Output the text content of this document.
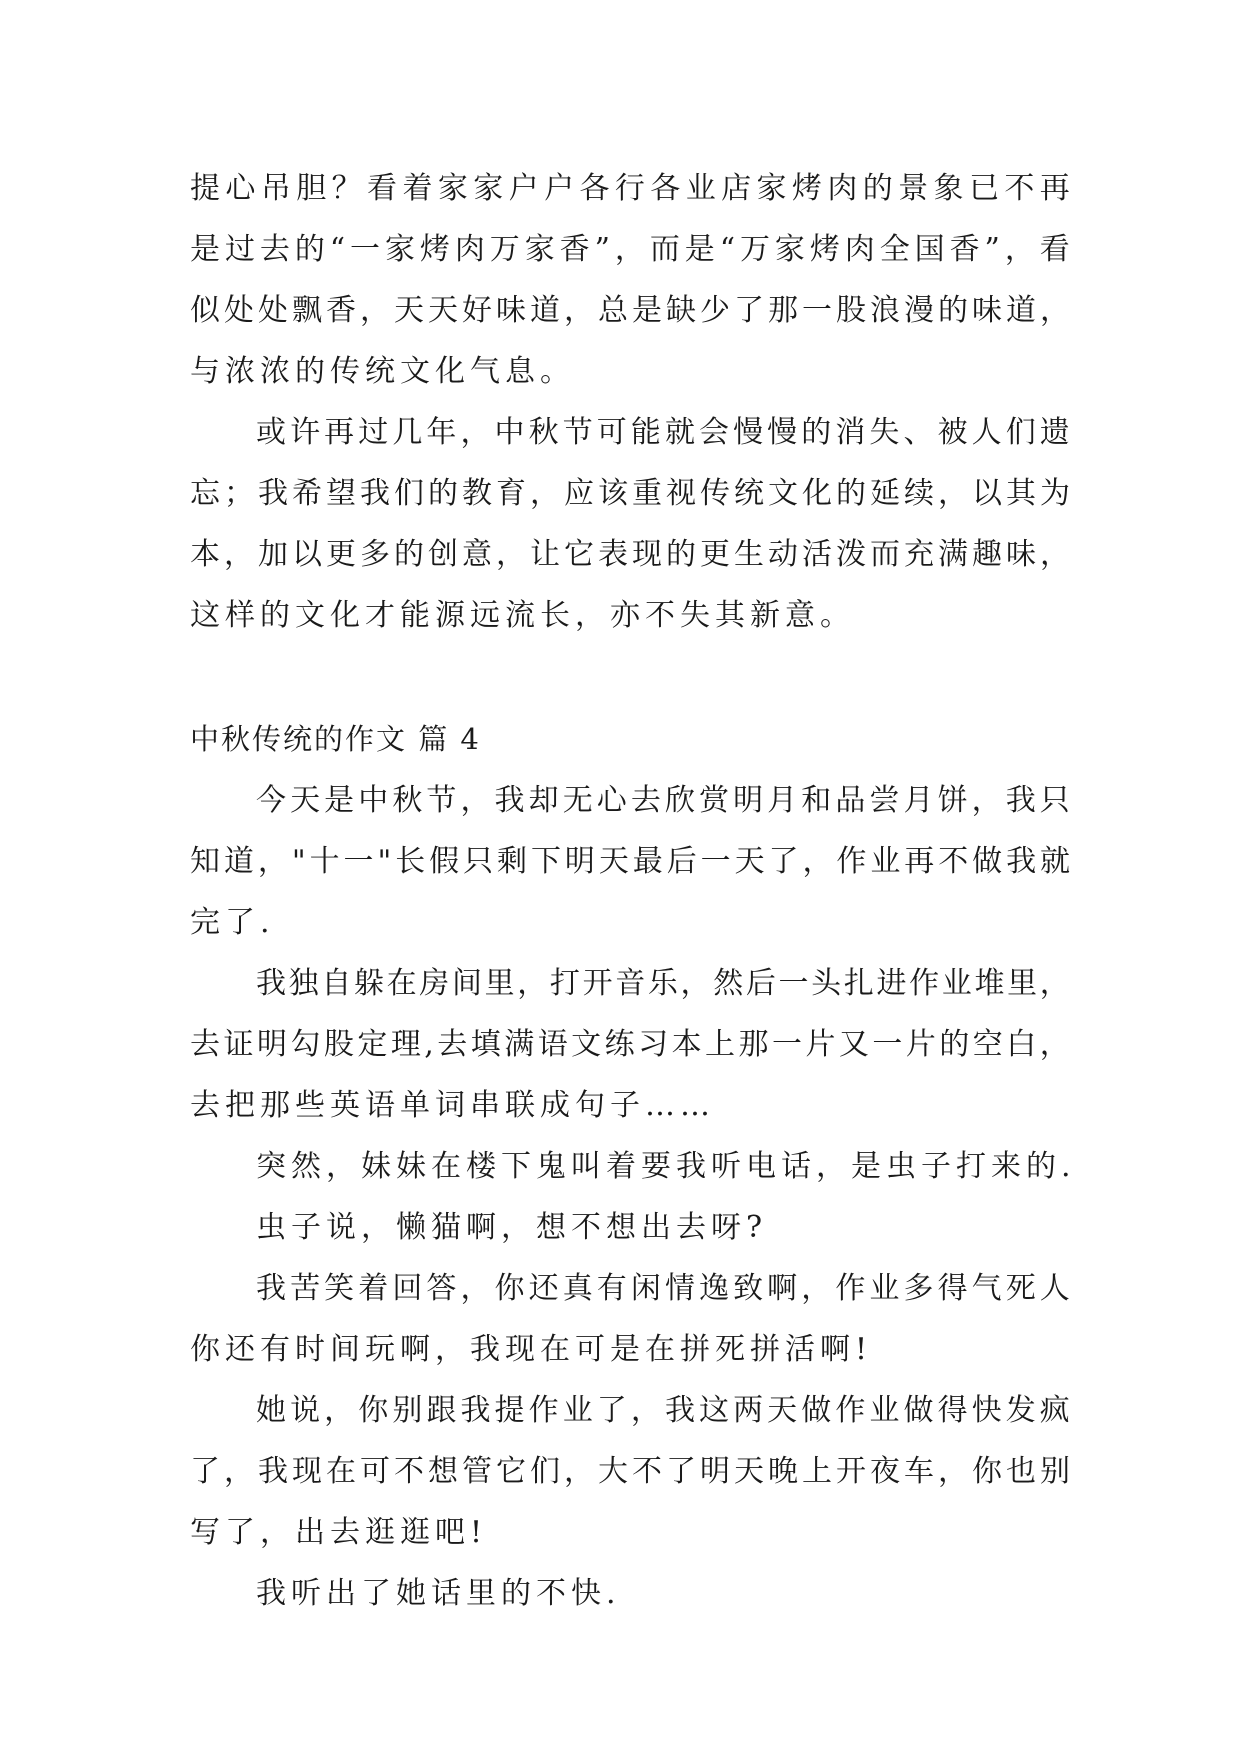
提 心 吊 胆 ？ 看 着 家 家 户 户 各 行 各 业 店 家 烤 肉 的 景 象 已 不 再
是 过 去 的 “ 一 家 烤 肉 万 家 香 ” ， 而 是 “ 万 家 烤 肉 全 国 香 ” ， 看
似 处 处 飘 香 ， 天 天 好 味 道 ， 总 是 缺 少 了 那 一 股 浪 漫 的 味 道 ，
与浓浓的传统文化气息。
或 许 再 过 几 年 ， 中 秋 节 可 能 就 会 慢 慢 的 消 失 、 被 人 们 遗
忘 ； 我 希 望 我 们 的 教 育 ， 应 该 重 视 传 统 文 化 的 延 续 ， 以 其 为
本 ， 加 以 更 多 的 创 意 ， 让 它 表 现 的 更 生 动 活 泼 而 充 满 趣 味 ，
这样的文化才能源远流长，亦不失其新意。
中秋传统的作文 篇 4
今 天 是 中 秋 节 ， 我 却 无 心 去 欣 赏 明 月 和 品 尝 月 饼 ， 我 只
知 道 ， " 十 一 " 长 假 只 剩 下 明 天 最 后 一 天 了 ， 作 业 再 不 做 我 就
完了.
我 独 自 躲 在 房 间 里 ， 打 开 音 乐 ， 然 后 一 头 扎 进 作 业 堆 里 ，
去 证 明 勾 股 定 理 , 去 填 满 语 文 练 习 本 上 那 一 片 又 一 片 的 空 白 ，
去把那些英语单词串联成句子……
突然，妹妹在楼下鬼叫着要我听电话，是虫子打来的.
虫子说，懒猫啊，想不想出去呀?
我 苦 笑 着 回 答 ， 你 还 真 有 闲 情 逸 致 啊 ， 作 业 多 得 气 死 人
你还有时间玩啊，我现在可是在拼死拼活啊!
她 说 ， 你 别 跟 我 提 作 业 了 ， 我 这 两 天 做 作 业 做 得 快 发 疯
了 ， 我 现 在 可 不 想 管 它 们 ， 大 不 了 明 天 晚 上 开 夜 车 ， 你 也 别
写了，出去逛逛吧!
我听出了她话里的不快.
